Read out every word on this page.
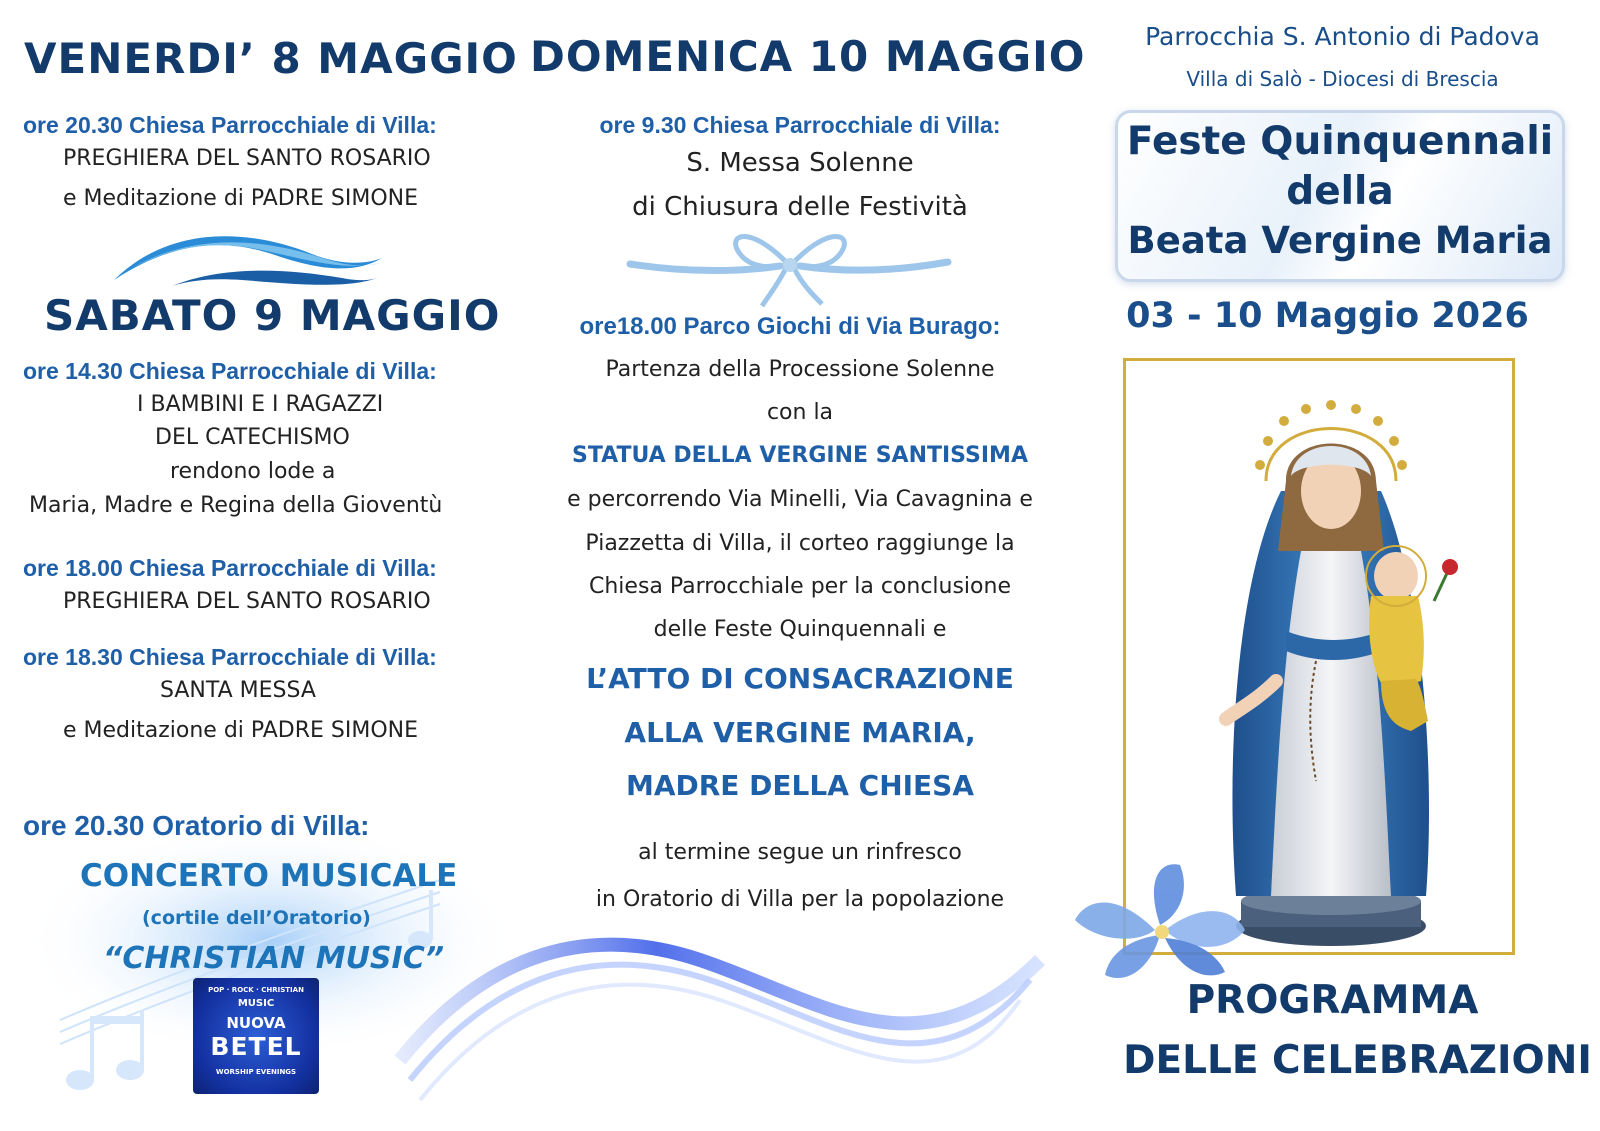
VENERDI’ 8 MAGGIO
ore 20.30 Chiesa Parrocchiale di Villa:
PREGHIERA DEL SANTO ROSARIO
e Meditazione di PADRE SIMONE
SABATO 9 MAGGIO
ore 14.30 Chiesa Parrocchiale di Villa:
I BAMBINI E I RAGAZZI
DEL CATECHISMO
rendono lode a
Maria, Madre e Regina della Gioventù
ore 18.00 Chiesa Parrocchiale di Villa:
PREGHIERA DEL SANTO ROSARIO
ore 18.30 Chiesa Parrocchiale di Villa:
SANTA MESSA
e Meditazione di PADRE SIMONE
ore 20.30 Oratorio di Villa:
CONCERTO MUSICALE
(cortile dell’Oratorio)
“CHRISTIAN MUSIC”
POP · ROCK · CHRISTIAN
MUSIC
NUOVA
BETEL
WORSHIP EVENINGS
DOMENICA 10 MAGGIO
ore 9.30 Chiesa Parrocchiale di Villa:
S. Messa Solenne
di Chiusura delle Festività
ore18.00 Parco Giochi di Via Burago:
Partenza della Processione Solenne
con la
STATUA DELLA VERGINE SANTISSIMA
e percorrendo Via Minelli, Via Cavagnina e
Piazzetta di Villa, il corteo raggiunge la
Chiesa Parrocchiale per la conclusione
delle Feste Quinquennali e
L’ATTO DI CONSACRAZIONE
ALLA VERGINE MARIA,
MADRE DELLA CHIESA
al termine segue un rinfresco
in Oratorio di Villa per la popolazione
Parrocchia S. Antonio di Padova
Villa di Salò - Diocesi di Brescia
Feste Quinquennali
della
Beata Vergine Maria
03 - 10 Maggio 2026
PROGRAMMA
DELLE CELEBRAZIONI
